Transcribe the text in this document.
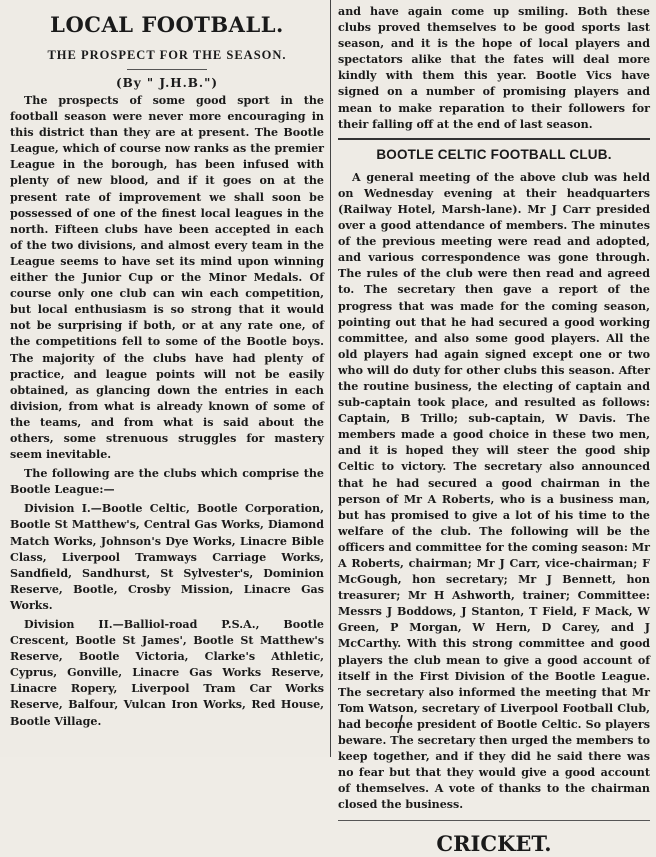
LOCAL FOOTBALL.
THE PROSPECT FOR THE SEASON.
(By " J.H.B.")

The prospects of some good sport in the football season were never more encouraging in this district than they are at present. The Bootle League, which of course now ranks as the premier League in the borough, has been infused with plenty of new blood, and if it goes on at the present rate of improvement we shall soon be possessed of one of the finest local leagues in the north. Fifteen clubs have been accepted in each of the two divisions, and almost every team in the League seems to have set its mind upon winning either the Junior Cup or the Minor Medals. Of course only one club can win each competition, but local enthusiasm is so strong that it would not be surprising if both, or at any rate one, of the competitions fell to some of the Bootle boys. The majority of the clubs have had plenty of practice, and league points will not be easily obtained, as glancing down the entries in each division, from what is already known of some of the teams, and from what is said about the others, some strenuous struggles for mastery seem inevitable.

The following are the clubs which comprise the Bootle League:—

Division I.—Bootle Celtic, Bootle Corporation, Bootle St Matthew's, Central Gas Works, Diamond Match Works, Johnson's Dye Works, Linacre Bible Class, Liverpool Tramways Carriage Works, Sandfield, Sandhurst, St Sylvester's, Dominion Reserve, Bootle, Crosby Mission, Linacre Gas Works.

Division II.—Balliol-road P.S.A., Bootle Crescent, Bootle St James', Bootle St Matthew's Reserve, Bootle Victoria, Clarke's Athletic, Cyprus, Gonville, Linacre Gas Works Reserve, Linacre Ropery, Liverpool Tram Car Works Reserve, Balfour, Vulcan Iron Works, Red House, Bootle Village.

and have again come up smiling. Both these clubs proved themselves to be good sports last season, and it is the hope of local players and spectators alike that the fates will deal more kindly with them this year. Bootle Vics have signed on a number of promising players and mean to make reparation to their followers for their falling off at the end of last season.

BOOTLE CELTIC FOOTBALL CLUB.

A general meeting of the above club was held on Wednesday evening at their headquarters (Railway Hotel, Marsh-lane). Mr J Carr presided over a good attendance of members. The minutes of the previous meeting were read and adopted, and various correspondence was gone through. The rules of the club were then read and agreed to. The secretary then gave a report of the progress that was made for the coming season, pointing out that he had secured a good working committee, and also some good players. All the old players had again signed except one or two who will do duty for other clubs this season. After the routine business, the electing of captain and sub-captain took place, and resulted as follows: Captain, B Trillo; sub-captain, W Davis. The members made a good choice in these two men, and it is hoped they will steer the good ship Celtic to victory. The secretary also announced that he had secured a good chairman in the person of Mr A Roberts, who is a business man, but has promised to give a lot of his time to the welfare of the club. The following will be the officers and committee for the coming season: Mr A Roberts, chairman; Mr J Carr, vice-chairman; F McGough, hon secretary; Mr J Bennett, hon treasurer; Mr H Ashworth, trainer; Committee: Messrs J Boddows, J Stanton, T Field, F Mack, W Green, P Morgan, W Hern, D Carey, and J McCarthy. With this strong committee and good players the club mean to give a good account of itself in the First Division of the Bootle League. The secretary also informed the meeting that Mr Tom Watson, secretary of Liverpool Football Club, had become president of Bootle Celtic. So players beware. The secretary then urged the members to keep together, and if they did he said there was no fear but that they would give a good account of themselves. A vote of thanks to the chairman closed the business.

CRICKET.
